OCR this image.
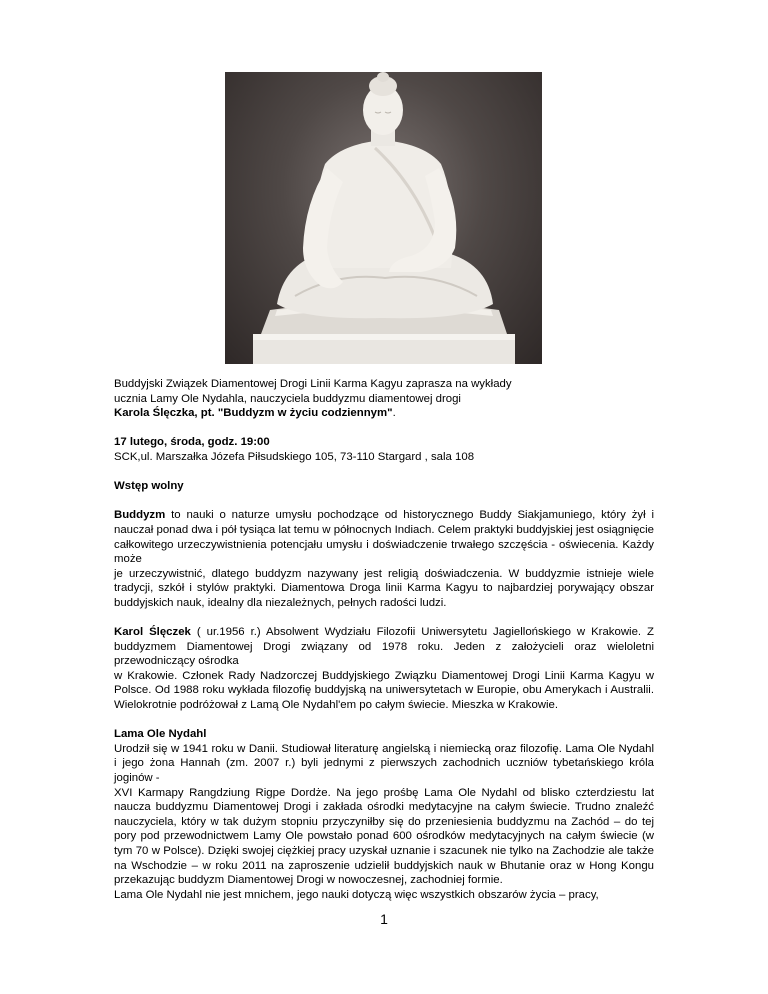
Buddyjski Związek Diamentowej Drogi Linii Karma Kagyu zaprasza na wykłady

ucznia Lamy Ole Nydahla, nauczyciela buddyzmu diamentowej drogi

Karola Ślęczka, pt. "Buddyzm w życiu codziennym".

17 lutego, środa, godz. 19:00

SCK,ul. Marszałka Józefa Piłsudskiego 105, 73-110 Stargard , sala 108

Wstęp wolny

Buddyzm to nauki o naturze umysłu pochodzące od historycznego Buddy Siakjamuniego, który żył i nauczał ponad dwa i pół tysiąca lat temu w północnych Indiach. Celem praktyki buddyjskiej jest osiągnięcie całkowitego urzeczywistnienia potencjału umysłu i doświadczenie trwałego szczęścia - oświecenia. Każdy może

je urzeczywistnić, dlatego buddyzm nazywany jest religią doświadczenia. W buddyzmie istnieje wiele tradycji, szkół i stylów praktyki. Diamentowa Droga linii Karma Kagyu to najbardziej porywający obszar buddyjskich nauk, idealny dla niezależnych, pełnych radości ludzi.

Karol Ślęczek ( ur.1956 r.) Absolwent Wydziału Filozofii Uniwersytetu Jagiellońskiego w Krakowie. Z buddyzmem Diamentowej Drogi związany od 1978 roku. Jeden z założycieli oraz wieloletni przewodniczący ośrodka

w Krakowie. Członek Rady Nadzorczej Buddyjskiego Związku Diamentowej Drogi Linii Karma Kagyu w Polsce. Od 1988 roku wykłada filozofię buddyjską na uniwersytetach w Europie, obu Amerykach i Australii. Wielokrotnie podróżował z Lamą Ole Nydahl'em po całym świecie. Mieszka w Krakowie.

Lama Ole Nydahl

Urodził się w 1941 roku w Danii. Studiował literaturę angielską i niemiecką oraz filozofię. Lama Ole Nydahl i jego żona Hannah (zm. 2007 r.) byli jednymi z pierwszych zachodnich uczniów tybetańskiego króla joginów -

XVI Karmapy Rangdziung Rigpe Dordże. Na jego prośbę Lama Ole Nydahl od blisko czterdziestu lat naucza buddyzmu Diamentowej Drogi i zakłada ośrodki medytacyjne na całym świecie. Trudno znaleźć nauczyciela, który w tak dużym stopniu przyczyniłby się do przeniesienia buddyzmu na Zachód – do tej pory pod przewodnictwem Lamy Ole powstało ponad 600 ośrodków medytacyjnych na całym świecie (w tym 70 w Polsce). Dzięki swojej ciężkiej pracy uzyskał uznanie i szacunek nie tylko na Zachodzie ale także na Wschodzie – w roku 2011 na zaproszenie udzielił buddyjskich nauk w Bhutanie oraz w Hong Kongu przekazując buddyzm Diamentowej Drogi w nowoczesnej, zachodniej formie.

Lama Ole Nydahl nie jest mnichem, jego nauki dotyczą więc wszystkich obszarów życia – pracy,

1
